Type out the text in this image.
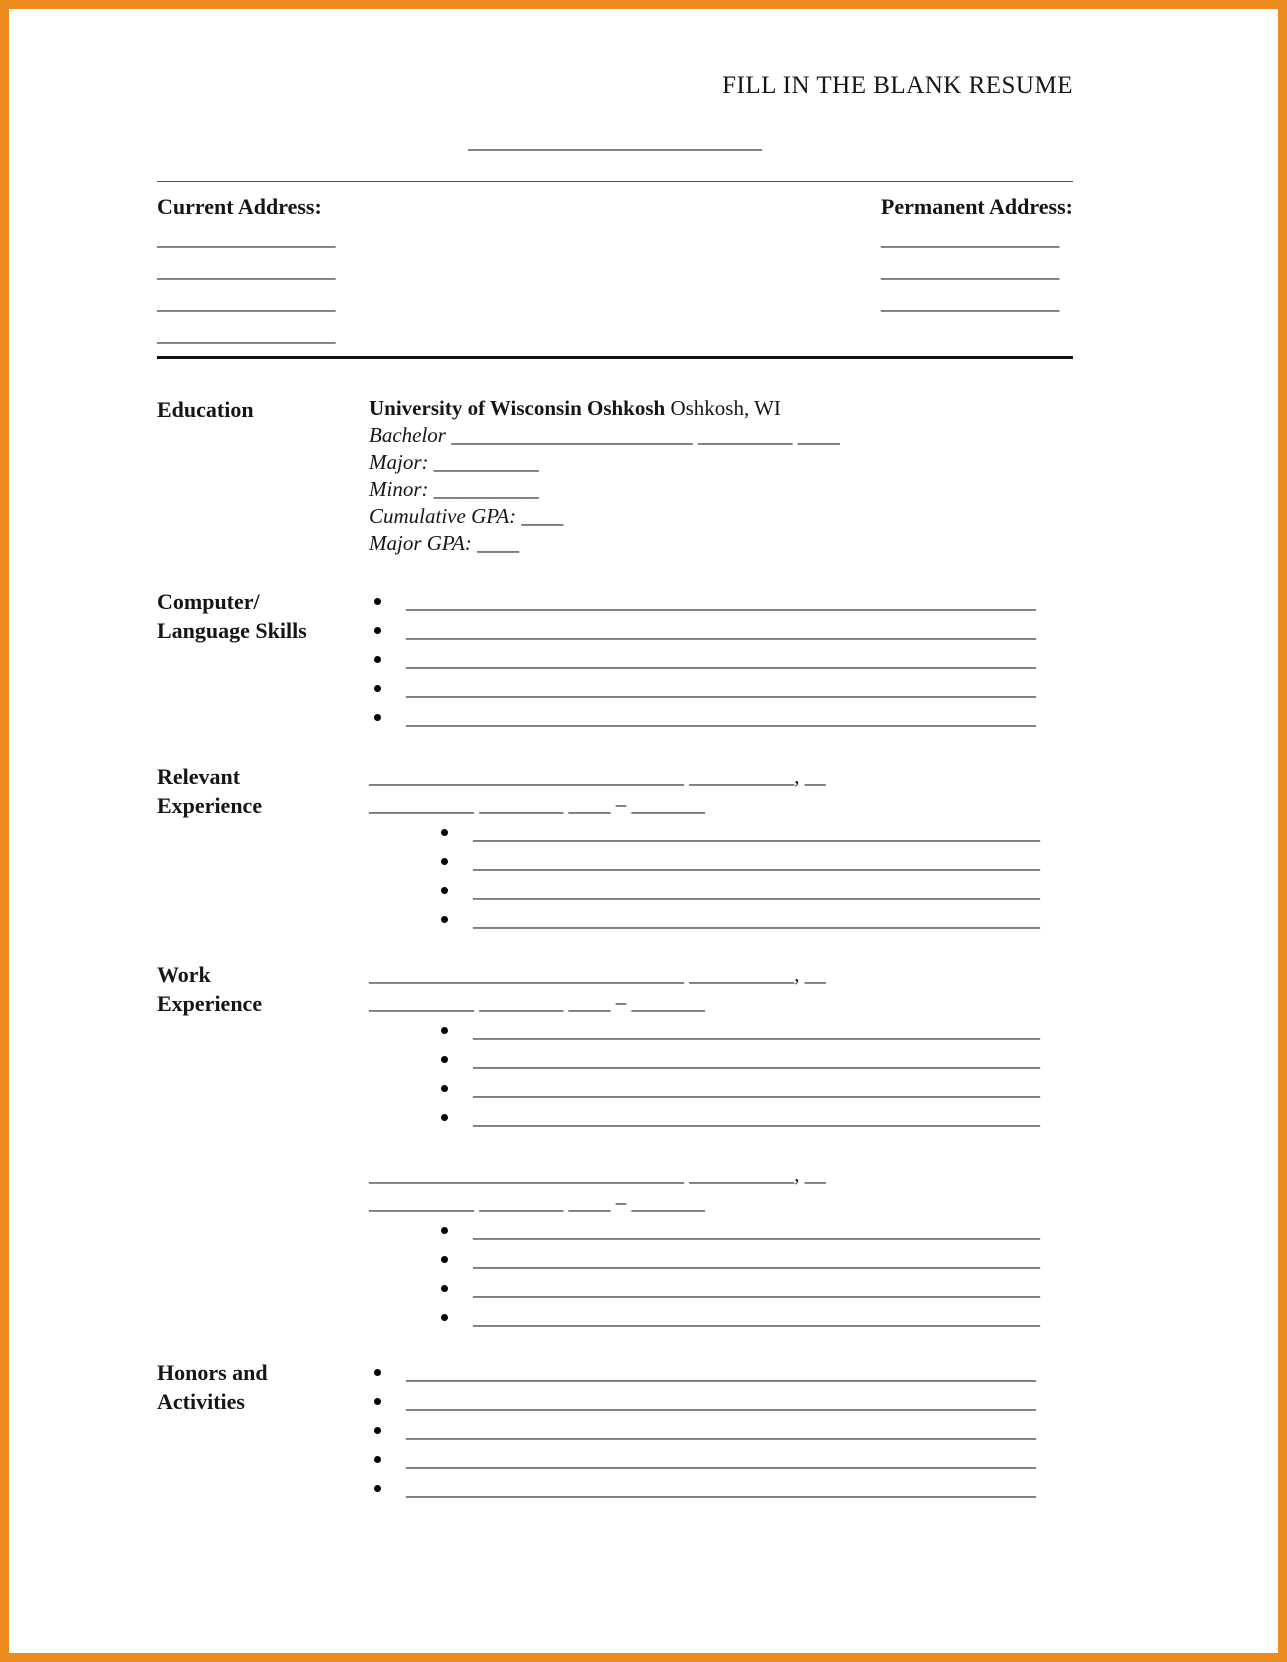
FILL IN THE BLANK RESUME
____________________________
Current Address:
_________________
_________________
_________________
_________________
Permanent Address:
_________________
_________________
_________________
Education	University of Wisconsin Oshkosh Oshkosh, WI
Bachelor _______________________ _________ ____
Major: __________
Minor: __________
Cumulative GPA: ____
Major GPA: ____
Computer/
Language Skills
____________________________________________________________
____________________________________________________________
____________________________________________________________
____________________________________________________________
____________________________________________________________
Relevant
Experience
______________________________ __________, __
__________ ________ ____ – _______
______________________________________________________
______________________________________________________
______________________________________________________
______________________________________________________
Work
Experience
______________________________ __________, __
__________ ________ ____ – _______
______________________________________________________
______________________________________________________
______________________________________________________
______________________________________________________
______________________________ __________, __
__________ ________ ____ – _______
______________________________________________________
______________________________________________________
______________________________________________________
______________________________________________________
Honors and
Activities
____________________________________________________________
____________________________________________________________
____________________________________________________________
____________________________________________________________
____________________________________________________________
